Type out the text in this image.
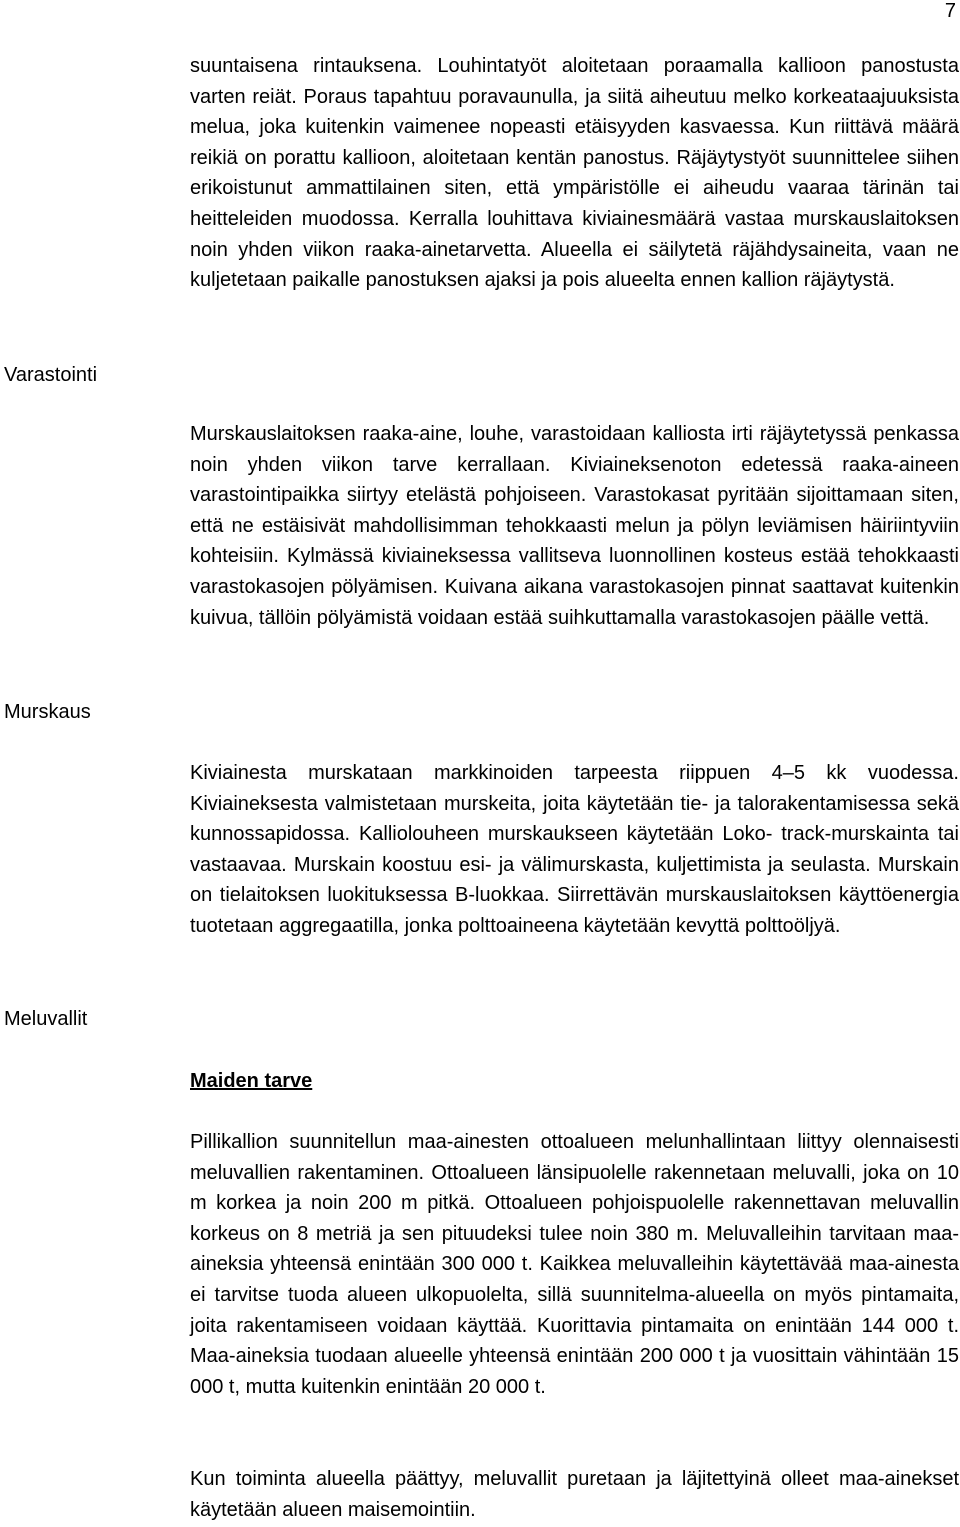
7

suuntaisena rintauksena. Louhintatyöt aloitetaan poraamalla kallioon panostusta varten reiät. Poraus tapahtuu poravaunulla, ja siitä aiheutuu melko korkeataajuuksista melua, joka kuitenkin vaimenee nopeasti etäisyyden kasvaessa. Kun riittävä määrä reikiä on porattu kallioon, aloitetaan kentän panostus. Räjäytystyöt suunnittelee siihen erikoistunut ammattilainen siten, että ympäristölle ei aiheudu vaaraa tärinän tai heitteleiden muodossa. Kerralla louhittava kiviainesmäärä vastaa murskauslaitoksen noin yhden viikon raaka-ainetarvetta. Alueella ei säilytetä räjähdysaineita, vaan ne kuljetetaan paikalle panostuksen ajaksi ja pois alueelta ennen kallion räjäytystä.

Varastointi

Murskauslaitoksen raaka-aine, louhe, varastoidaan kalliosta irti räjäytetyssä penkassa noin yhden viikon tarve kerrallaan. Kiviaineksenoton edetessä raaka-aineen varastointipaikka siirtyy etelästä pohjoiseen. Varastokasat pyritään sijoittamaan siten, että ne estäisivät mahdollisimman tehokkaasti melun ja pölyn leviämisen häiriintyviin kohteisiin. Kylmässä kiviaineksessa vallitseva luonnollinen kosteus estää tehokkaasti varastokasojen pölyämisen. Kuivana aikana varastokasojen pinnat saattavat kuitenkin kuivua, tällöin pölyämistä voidaan estää suihkuttamalla varastokasojen päälle vettä.

Murskaus

Kiviainesta murskataan markkinoiden tarpeesta riippuen 4–5 kk vuodessa. Kiviaineksesta valmistetaan murskeita, joita käytetään tie- ja talorakentamisessa sekä kunnossapidossa. Kalliolouheen murskaukseen käytetään Loko- track-murskainta tai vastaavaa. Murskain koostuu esi- ja välimurskasta, kuljettimista ja seulasta. Murskain on tielaitoksen luokituksessa B-luokkaa. Siirrettävän murskauslaitoksen käyttöenergia tuotetaan aggregaatilla, jonka polttoaineena käytetään kevyttä polttoöljyä.

Meluvallit
Maiden tarve

Pillikallion suunnitellun maa-ainesten ottoalueen melunhallintaan liittyy olennaisesti meluvallien rakentaminen. Ottoalueen länsipuolelle rakennetaan meluvalli, joka on 10 m korkea ja noin 200 m pitkä. Ottoalueen pohjoispuolelle rakennettavan meluvallin korkeus on 8 metriä ja sen pituudeksi tulee noin 380 m. Meluvalleihin tarvitaan maa-aineksia yhteensä enintään 300 000 t. Kaikkea meluvalleihin käytettävää maa-ainesta ei tarvitse tuoda alueen ulkopuolelta, sillä suunnitelma-alueella on myös pintamaita, joita rakentamiseen voidaan käyttää. Kuorittavia pintamaita on enintään 144 000 t. Maa-aineksia tuodaan alueelle yhteensä enintään 200 000 t ja vuosittain vähintään 15 000 t, mutta kuitenkin enintään 20 000 t.

Kun toiminta alueella päättyy, meluvallit puretaan ja läjitettyinä olleet maa-ainekset käytetään alueen maisemointiin.
